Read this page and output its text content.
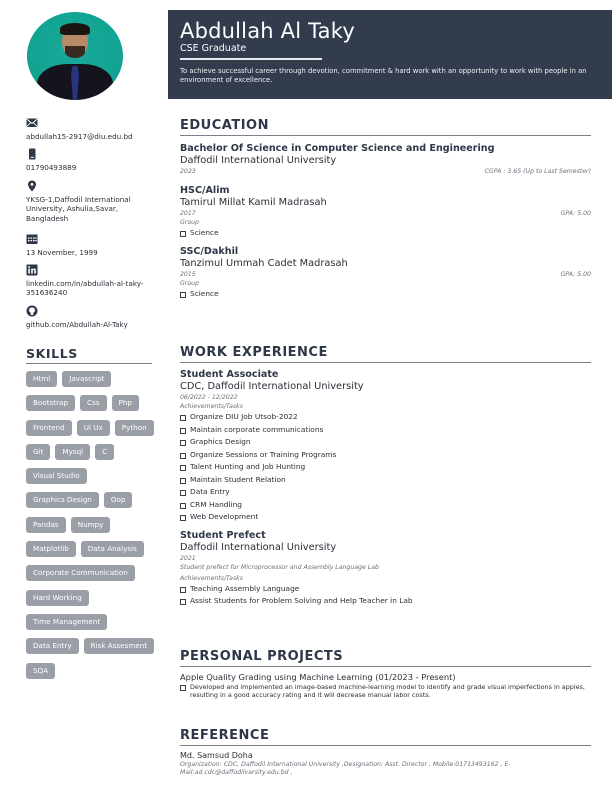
abdullah15-2917@diu.edu.bd
01790493889
YKSG-1,Daffodil International University, Ashulia,Savar, Bangladesh
13 November, 1999
linkedin.com/in/abdullah-al-taky-351636240
github.com/Abdullah-Al-Taky
SKILLS
Html	Javascript
Bootstrap	Css	Php
Frontend	Ui Ux	Python
Git	Mysql	C
Visual Studio
Graphics Design	Oop
Pandas	Numpy
Matplotlib	Data Analysis
Corporate Communication
Hard Working
Time Management
Data Entry	Risk Assesment
SQA
Abdullah Al Taky
CSE Graduate
To achieve successful career through devotion, commitment & hard work with an opportunity to work with people in an environment of excellence.
EDUCATION
Bachelor Of Science in Computer Science and Engineering
Daffodil International University
2023	CGPA : 3.65 (Up to Last Semester)
HSC/Alim
Tamirul Millat Kamil Madrasah
2017	GPA: 5.00
Group
Science
SSC/Dakhil
Tanzimul Ummah Cadet Madrasah
2015	GPA: 5.00
Group
Science
WORK EXPERIENCE
Student Associate
CDC, Daffodil International University
06/2022 - 12/2022
Achievements/Tasks
Organize DIU Job Utsob-2022
Maintain corporate communications
Graphics Design
Organize Sessions or Training Programs
Talent Hunting and Job Hunting
Maintain Student Relation
Data Entry
CRM Handling
Web Development
Student Prefect
Daffodil International University
2021
Student prefect for Microprocessor and Assembly Language Lab
Achievements/Tasks
Teaching Assembly Language
Assist Students for Problem Solving and Help Teacher in Lab
PERSONAL PROJECTS
Apple Quality Grading using Machine Learning (01/2023 - Present)
Developed and implemented an image-based machine-learning model to identify and grade visual imperfections in apples, resulting in a good accuracy rating and it will decrease manual labor costs.
REFERENCE
Md. Samsud Doha
Organization: CDC, Daffodil International University ,Designation: Asst. Director , Mobile:01713493162 , E-Mail:ad.cdc@daffodilvarsity.edu.bd ,
